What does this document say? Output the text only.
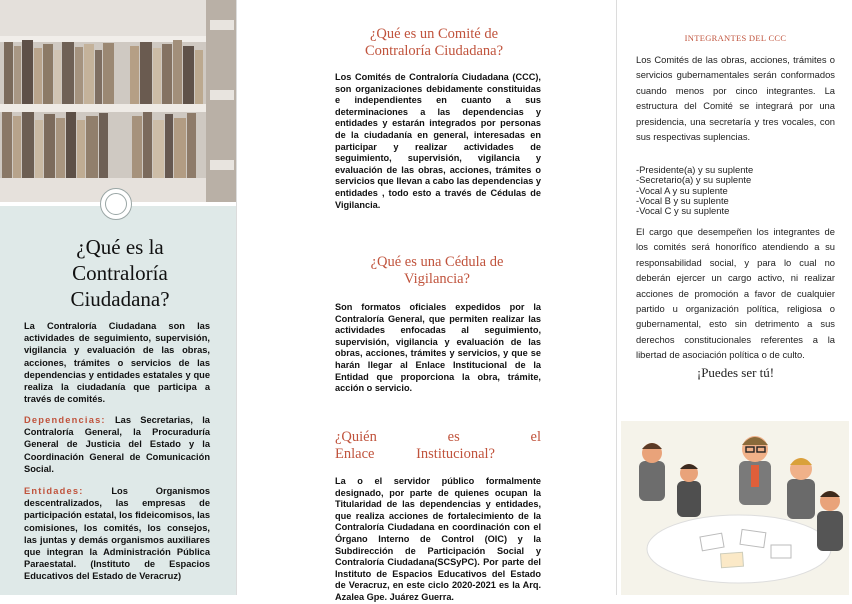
¿Qué es la Contraloría Ciudadana?
La Contraloría Ciudadana son las actividades de seguimiento, supervisión, vigilancia y evaluación de las obras, acciones, trámites o servicios de las dependencias y entidades estatales y que realiza la ciudadanía que participa a través de comités.
Dependencias: Las Secretarias, la Contraloría General, la Procuraduría General de Justicia del Estado y la Coordinación General de Comunicación Social.
Entidades:	Los Organismos descentralizados, las empresas de participación estatal, los fideicomisos, las comisiones, los comités, los consejos, las juntas y demás organismos auxiliares que integran la Administración Pública Paraestatal. (Instituto de Espacios Educativos del Estado de Veracruz)
¿Qué es un Comité de Contraloría Ciudadana?
Los Comités de Contraloría Ciudadana (CCC), son organizaciones debidamente constituidas e independientes en cuanto a sus determinaciones a las dependencias y entidades y estarán integrados por personas de la ciudadanía en general, interesadas en participar y realizar actividades de seguimiento, supervisión, vigilancia y evaluación de las obras, acciones, trámites o servicios que llevan a cabo las dependencias y entidades , todo esto a través de Cédulas de Vigilancia.
¿Qué es una Cédula de Vigilancia?
Son formatos oficiales expedidos por la Contraloría General, que permiten realizar las actividades enfocadas al seguimiento, supervisión, vigilancia y evaluación de las obras, acciones, trámites y servicios, y que se harán llegar al Enlace Institucional de la Entidad que proporciona la obra, trámite, acción o servicio.
¿Quién es el Enlace Institucional?
La o el servidor público formalmente designado, por parte de quienes ocupan la Titularidad de las dependencias y entidades, que realiza acciones de fortalecimiento de la Contraloría Ciudadana en coordinación con el Órgano Interno de Control (OIC) y la Subdirección de Participación Social y Contraloría Ciudadana(SCSyPC). Por parte del Instituto de Espacios Educativos del Estado de Veracruz, en este ciclo 2020-2021 es la Arq. Azalea Gpe. Juárez Guerra.
INTEGRANTES DEL CCC
Los Comités de las obras, acciones, trámites o servicios gubernamentales serán conformados cuando menos por cinco integrantes. La estructura del Comité se integrará por una presidencia, una secretaría y tres vocales, con sus respectivas suplencias.
-Presidente(a) y su suplente
-Secretario(a) y su suplente
-Vocal A y su suplente
-Vocal B y su suplente
-Vocal C y su suplente
El cargo que desempeñen los integrantes de los comités será honorífico atendiendo a su responsabilidad social, y para lo cual no deberán ejercer un cargo activo, ni realizar acciones de promoción a favor de cualquier partido u organización política, religiosa o gubernamental, esto sin detrimento a sus derechos constitucionales referentes a la libertad de asociación política o de culto.
¡Puedes ser tú!
